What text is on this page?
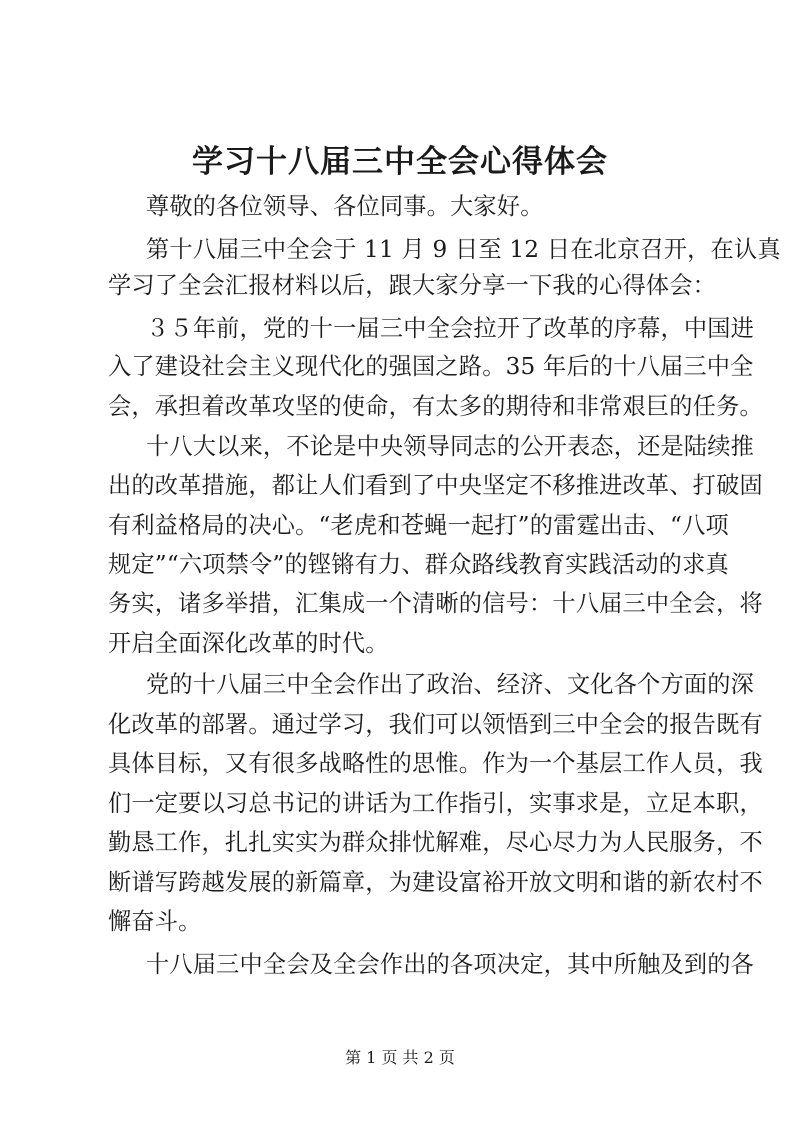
学习十八届三中全会心得体会
尊敬的各位领导、各位同事。大家好。
第十八届三中全会于 11 月 9 日至 12 日在北京召开，在认真
学习了全会汇报材料以后，跟大家分享一下我的心得体会：
３５年前，党的十一届三中全会拉开了改革的序幕，中国进
入了建设社会主义现代化的强国之路。35 年后的十八届三中全
会，承担着改革攻坚的使命，有太多的期待和非常艰巨的任务。
十八大以来，不论是中央领导同志的公开表态，还是陆续推
出的改革措施，都让人们看到了中央坚定不移推进改革、打破固
有利益格局的决心。“老虎和苍蝇一起打”的雷霆出击、“八项
规定”“六项禁令”的铿锵有力、群众路线教育实践活动的求真
务实，诸多举措，汇集成一个清晰的信号：十八届三中全会，将
开启全面深化改革的时代。
党的十八届三中全会作出了政治、经济、文化各个方面的深
化改革的部署。通过学习，我们可以领悟到三中全会的报告既有
具体目标，又有很多战略性的思惟。作为一个基层工作人员，我
们一定要以习总书记的讲话为工作指引，实事求是，立足本职，
勤恳工作，扎扎实实为群众排忧解难，尽心尽力为人民服务，不
断谱写跨越发展的新篇章，为建设富裕开放文明和谐的新农村不
懈奋斗。
十八届三中全会及全会作出的各项决定，其中所触及到的各
第 1 页 共 2 页
